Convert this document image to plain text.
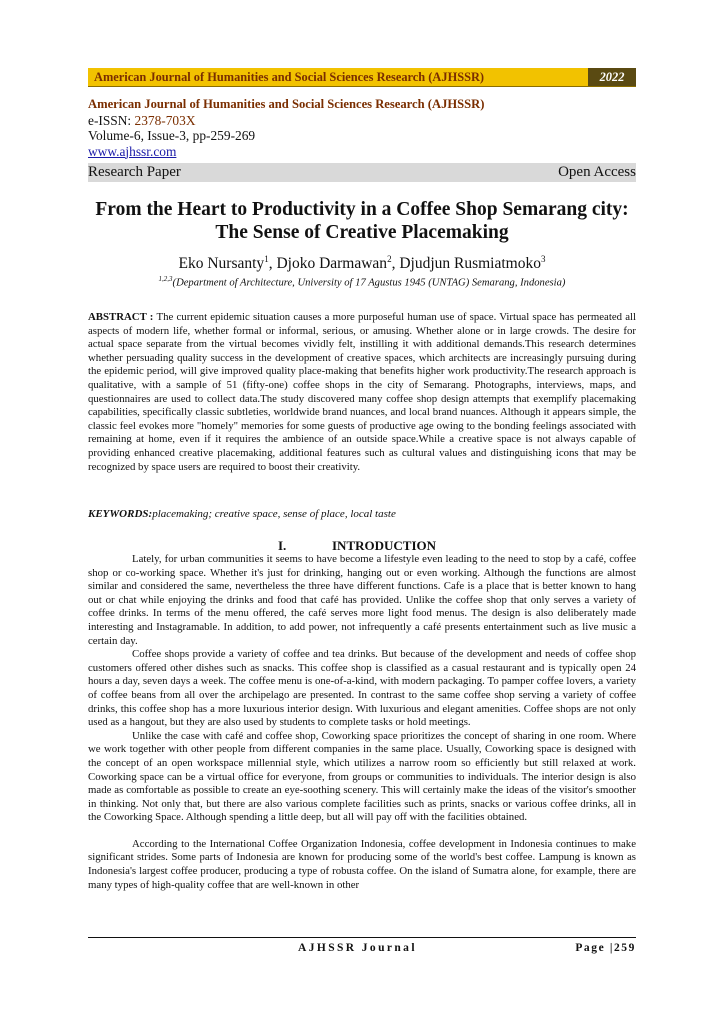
American Journal of Humanities and Social Sciences Research (AJHSSR)	2022
American Journal of Humanities and Social Sciences Research (AJHSSR)
e-ISSN: 2378-703X
Volume-6, Issue-3, pp-259-269
www.ajhssr.com
Research Paper	Open Access
From the Heart to Productivity in a Coffee Shop Semarang city:
The Sense of Creative Placemaking
Eko Nursanty$^1$, Djoko Darmawan$^2$, Djudjun Rusmiatmoko$^3$
$^{1,2,3}$(Department of Architecture, University of 17 Agustus 1945 (UNTAG) Semarang, Indonesia)
ABSTRACT : The current epidemic situation causes a more purposeful human use of space. Virtual space has permeated all aspects of modern life, whether formal or informal, serious, or amusing. Whether alone or in large crowds. The desire for actual space separate from the virtual becomes vividly felt, instilling it with additional demands.This research determines whether persuading quality success in the development of creative spaces, which architects are increasingly pursuing during the epidemic period, will give improved quality place-making that benefits higher work productivity.The research approach is qualitative, with a sample of 51 (fifty-one) coffee shops in the city of Semarang. Photographs, interviews, maps, and questionnaires are used to collect data.The study discovered many coffee shop design attempts that exemplify placemaking capabilities, specifically classic subtleties, worldwide brand nuances, and local brand nuances. Although it appears simple, the classic feel evokes more "homely" memories for some guests of productive age owing to the bonding feelings associated with remaining at home, even if it requires the ambience of an outside space.While a creative space is not always capable of providing enhanced creative placemaking, additional features such as cultural values and distinguishing icons that may be recognized by space users are required to boost their creativity.
KEYWORDS:placemaking; creative space, sense of place, local taste
I.	INTRODUCTION

Lately, for urban communities it seems to have become a lifestyle even leading to the need to stop by a café, coffee shop or co-working space. Whether it's just for drinking, hanging out or even working. Although the functions are almost similar and considered the same, nevertheless the three have different functions. Cafe is a place that is better known to hang out or chat while enjoying the drinks and food that café has provided. Unlike the coffee shop that only serves a variety of coffee drinks. In terms of the menu offered, the café serves more light food menus. The design is also deliberately made interesting and Instagramable. In addition, to add power, not infrequently a café presents entertainment such as live music a certain day.

Coffee shops provide a variety of coffee and tea drinks. But because of the development and needs of coffee shop customers offered other dishes such as snacks. This coffee shop is classified as a casual restaurant and is typically open 24 hours a day, seven days a week. The coffee menu is one-of-a-kind, with modern packaging. To pamper coffee lovers, a variety of coffee beans from all over the archipelago are presented. In contrast to the same coffee shop serving a variety of coffee drinks, this coffee shop has a more luxurious interior design. With luxurious and elegant amenities. Coffee shops are not only used as a hangout, but they are also used by students to complete tasks or hold meetings.

Unlike the case with café and coffee shop, Coworking space prioritizes the concept of sharing in one room. Where we work together with other people from different companies in the same place. Usually, Coworking space is designed with the concept of an open workspace millennial style, which utilizes a narrow room so efficiently but still relaxed at work. Coworking space can be a virtual office for everyone, from groups or communities to individuals. The interior design is also made as comfortable as possible to create an eye-soothing scenery. This will certainly make the ideas of the visitor's smoother in thinking. Not only that, but there are also various complete facilities such as prints, snacks or various coffee drinks, all in the Coworking Space. Although spending a little deep, but all will pay off with the facilities obtained.

According to the International Coffee Organization Indonesia, coffee development in Indonesia continues to make significant strides. Some parts of Indonesia are known for producing some of the world's best coffee. Lampung is known as Indonesia's largest coffee producer, producing a type of robusta coffee. On the island of Sumatra alone, for example, there are many types of high-quality coffee that are well-known in other

AJHSSR Journal	Page |259
